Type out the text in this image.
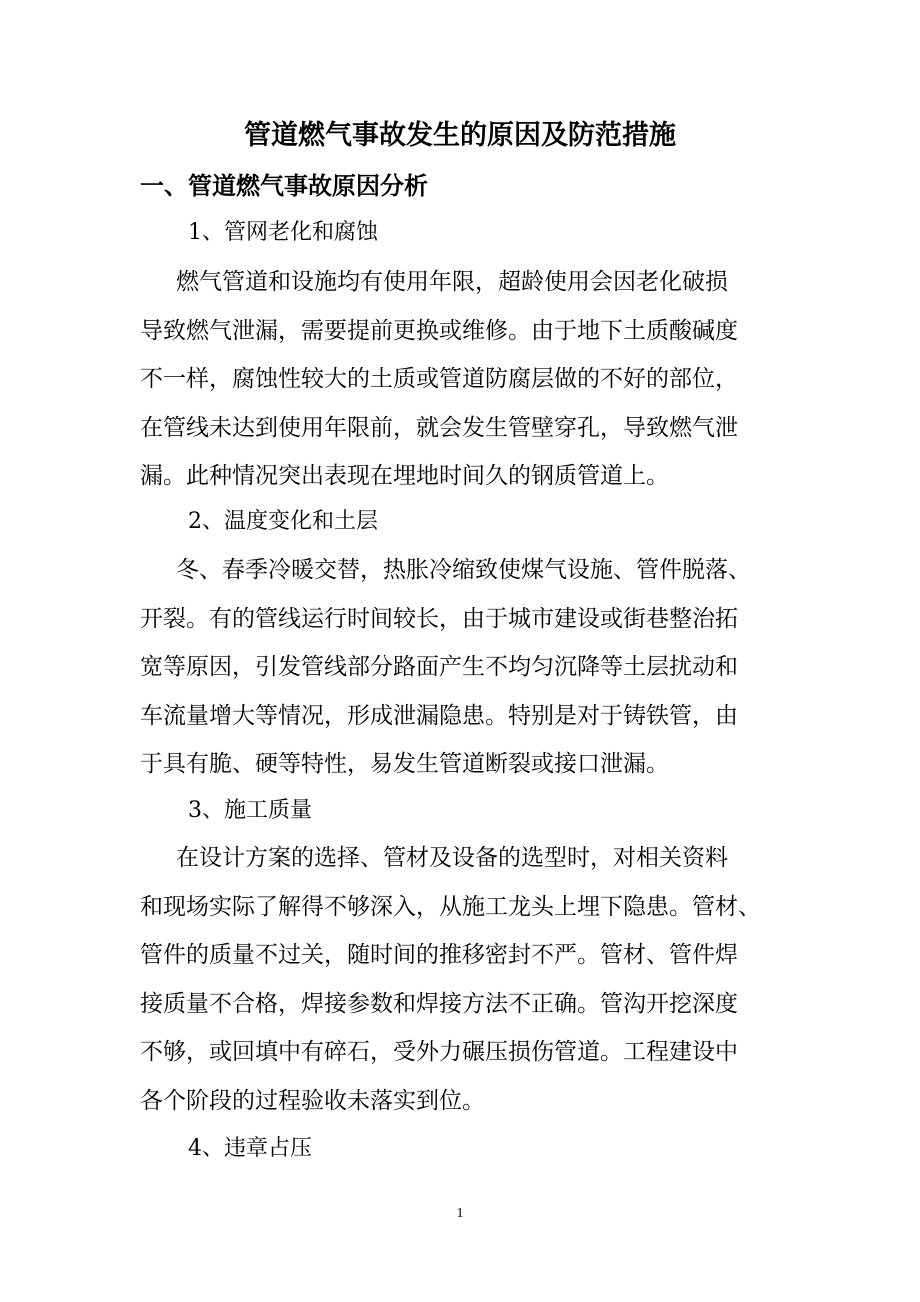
管道燃气事故发生的原因及防范措施
一、管道燃气事故原因分析
1、管网老化和腐蚀
燃气管道和设施均有使用年限，超龄使用会因老化破损
导致燃气泄漏，需要提前更换或维修。由于地下土质酸碱度
不一样，腐蚀性较大的土质或管道防腐层做的不好的部位，
在管线未达到使用年限前，就会发生管壁穿孔，导致燃气泄
漏。此种情况突出表现在埋地时间久的钢质管道上。
2、温度变化和土层
冬、春季冷暖交替，热胀冷缩致使煤气设施、管件脱落、
开裂。有的管线运行时间较长，由于城市建设或街巷整治拓
宽等原因，引发管线部分路面产生不均匀沉降等土层扰动和
车流量增大等情况，形成泄漏隐患。特别是对于铸铁管，由
于具有脆、硬等特性，易发生管道断裂或接口泄漏。
3、施工质量
在设计方案的选择、管材及设备的选型时，对相关资料
和现场实际了解得不够深入，从施工龙头上埋下隐患。管材、
管件的质量不过关，随时间的推移密封不严。管材、管件焊
接质量不合格，焊接参数和焊接方法不正确。管沟开挖深度
不够，或回填中有碎石，受外力碾压损伤管道。工程建设中
各个阶段的过程验收未落实到位。
4、违章占压
1
